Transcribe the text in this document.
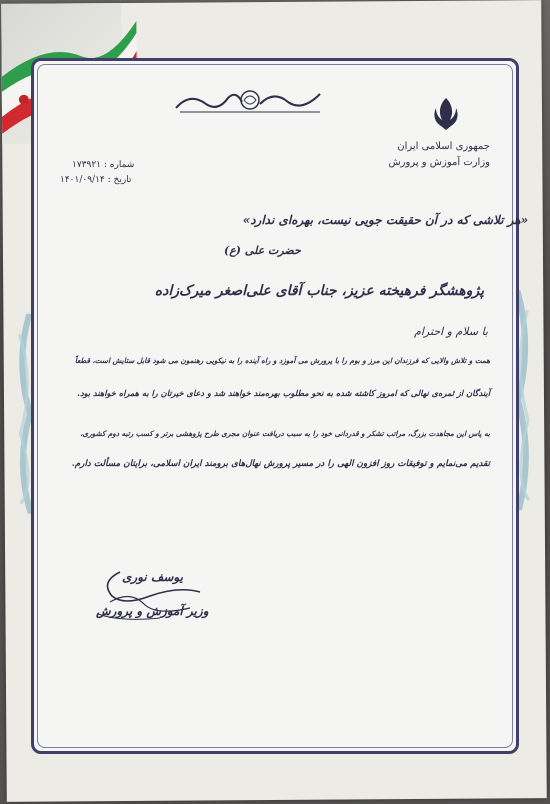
جمهوری اسلامی ایران
وزارت آموزش و پرورش
شماره : ۱۷۳۹۲۱
تاریخ : ۱۴۰۱/۰۹/۱۴
«هر تلاشی که در آن حقیقت جویی نیست، بهره‌ای ندارد»
حضرت علی (ع)
پژوهشگر فرهیخته عزیز، جناب آقای علی‌اصغر میرک‌زاده
با سلام و احترام
همت و تلاش والایی که فرزندان این مرز و بوم را با پرورش می آموزد و راه آینده را به نیکویی رهنمون می شود قابل ستایش است، قطعاً
آیندگان از ثمره‌ی نهالی که امروز کاشته شده به نحو مطلوب بهره‌مند خواهند شد و دعای خیرتان را به همراه خواهند بود.
به پاس این مجاهدت بزرگ، مراتب تشکر و قدردانی خود را به سبب دریافت عنوان مجری طرح پژوهشی برتر و کسب رتبه دوم کشوری،
تقدیم می‌نمایم و توفیقات روز افزون الهی را در مسیر پرورش نهال‌های برومند ایران اسلامی، برایتان مسألت دارم.
یوسف نوری
وزیر آموزش و پرورش
